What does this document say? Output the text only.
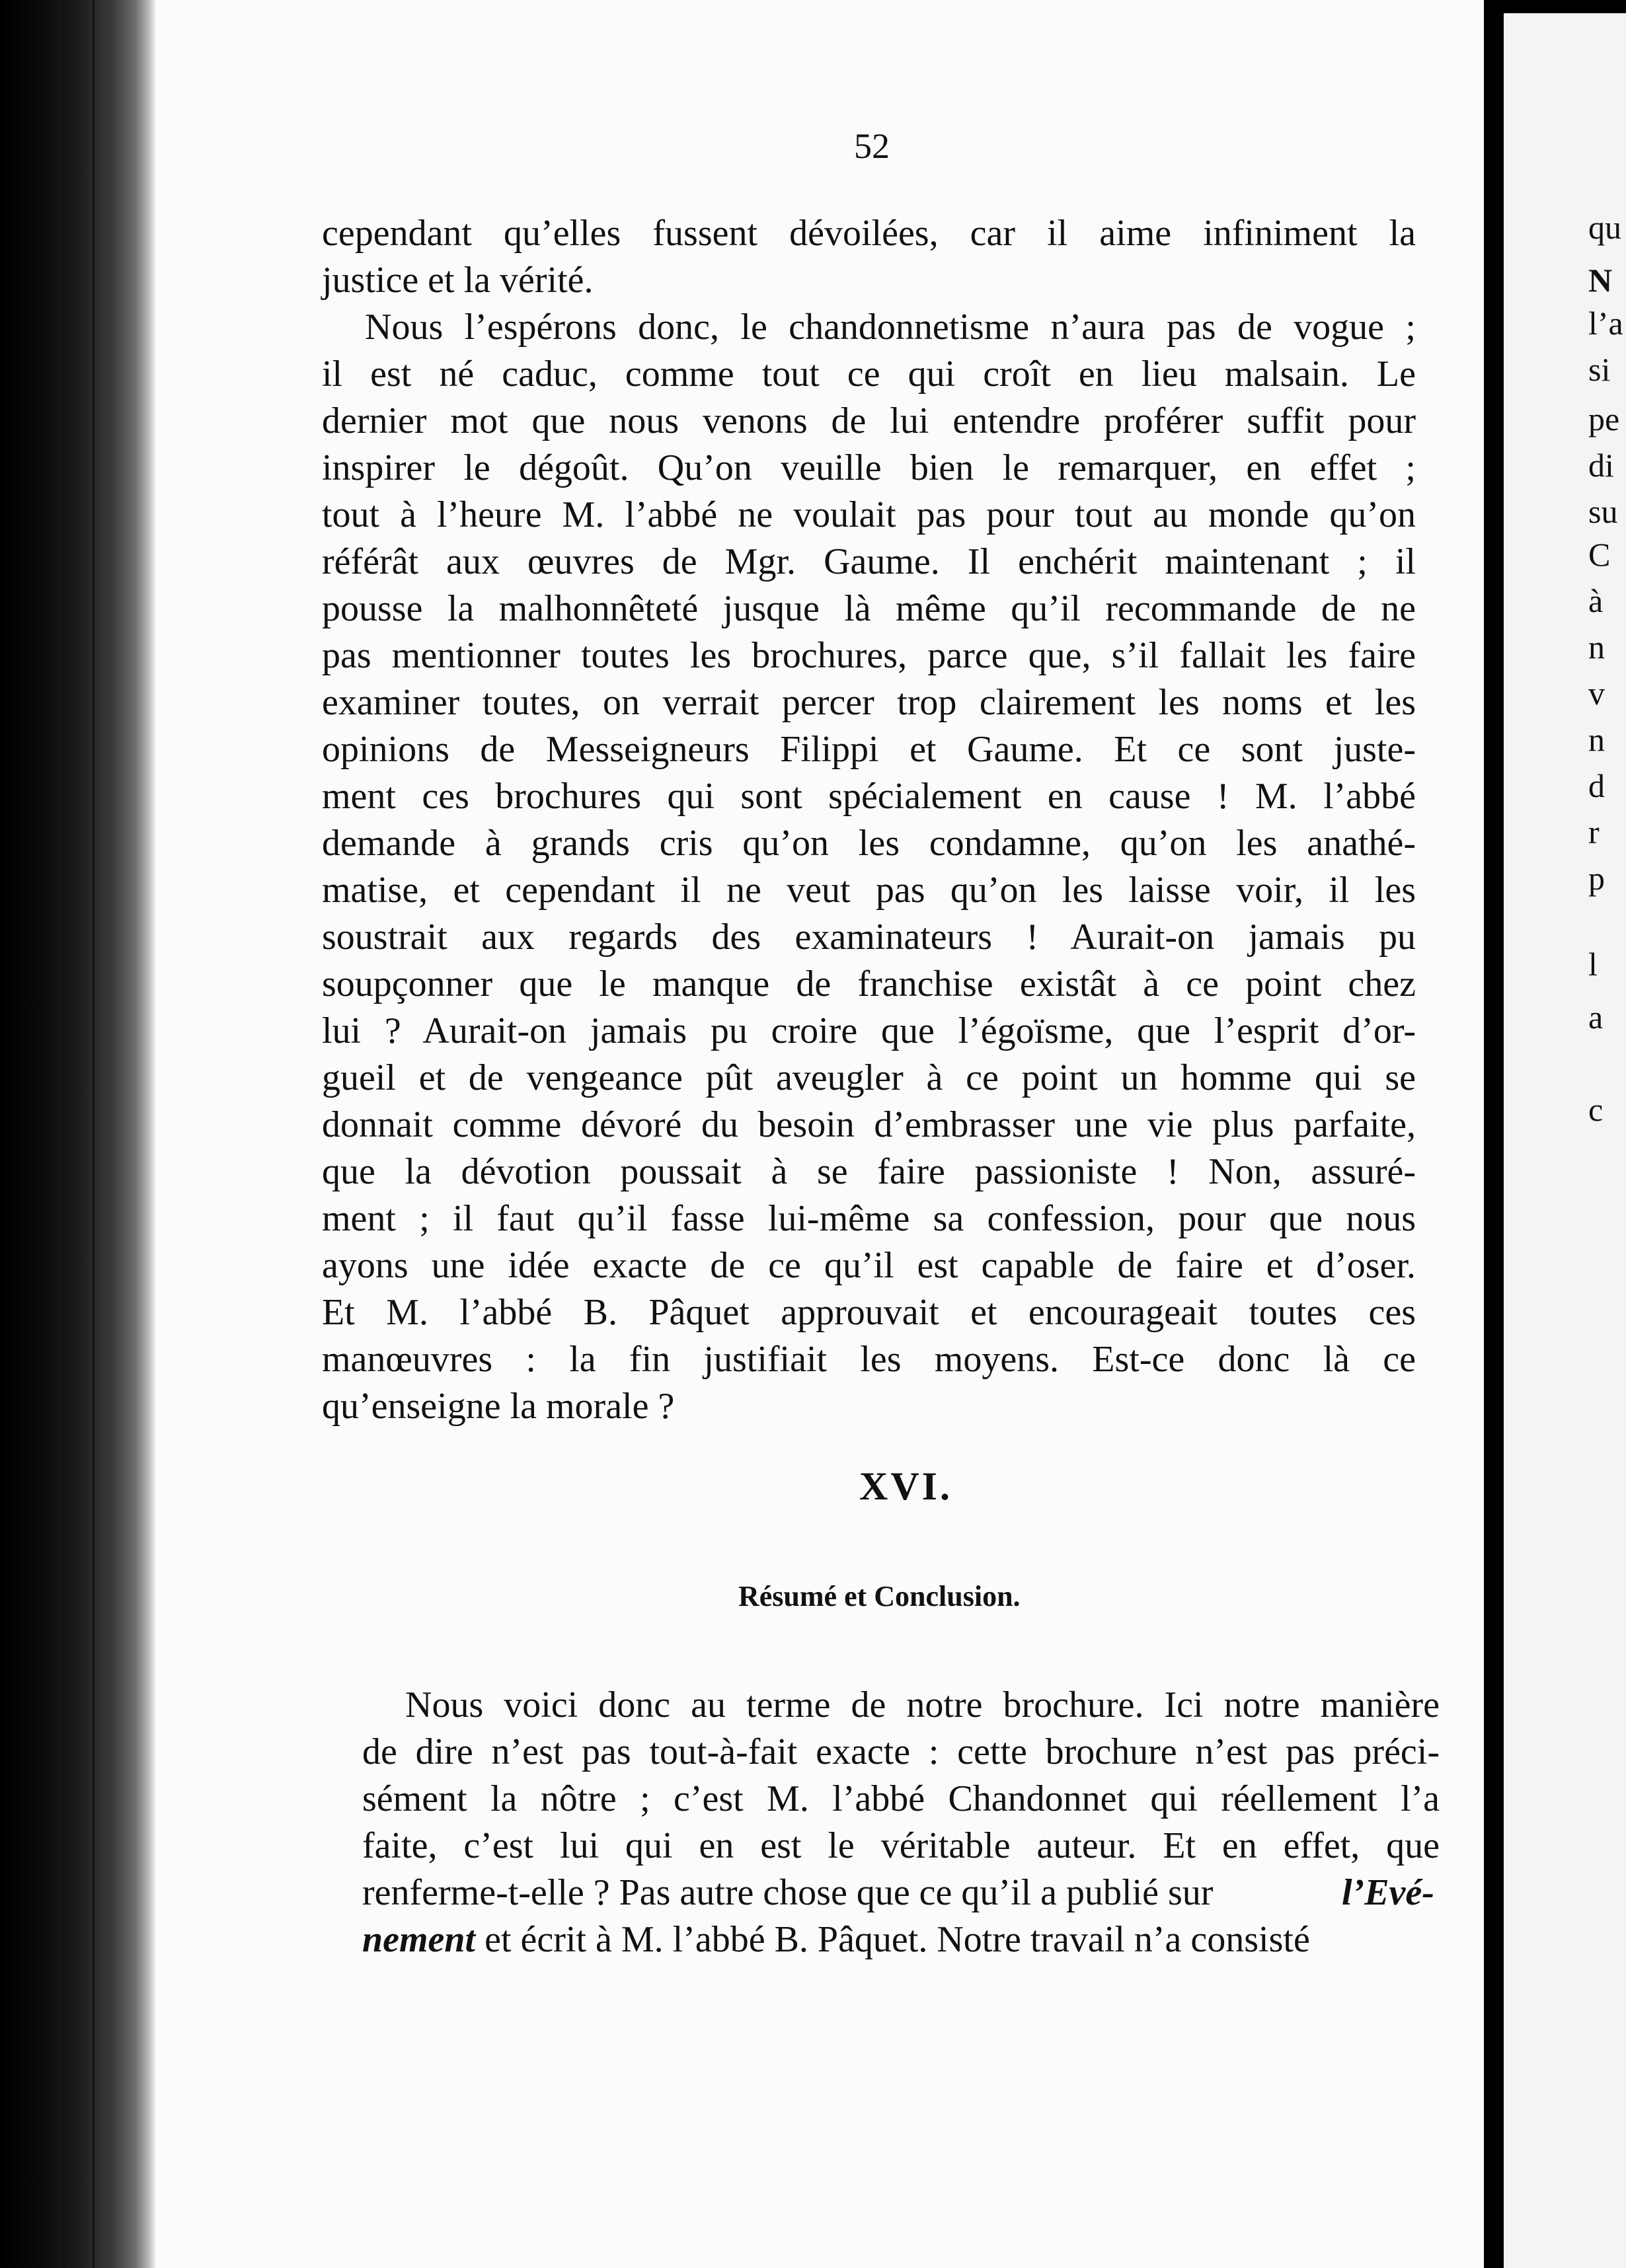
qu
N
l’a
si
pe
di
su
C
à
n
v
n
d
r
p
l
a
c
52
cependant qu’elles fussent dévoilées, car il aime infiniment la
justice et la vérité.
Nous l’espérons donc, le chandonnetisme n’aura pas de vogue ;
il est né caduc, comme tout ce qui croît en lieu malsain. Le
dernier mot que nous venons de lui entendre proférer suffit pour
inspirer le dégoût. Qu’on veuille bien le remarquer, en effet ;
tout à l’heure M. l’abbé ne voulait pas pour tout au monde qu’on
référât aux œuvres de Mgr. Gaume. Il enchérit maintenant ; il
pousse la malhonnêteté jusque là même qu’il recommande de ne
pas mentionner toutes les brochures, parce que, s’il fallait les faire
examiner toutes, on verrait percer trop clairement les noms et les
opinions de Messeigneurs Filippi et Gaume. Et ce sont juste-
ment ces brochures qui sont spécialement en cause ! M. l’abbé
demande à grands cris qu’on les condamne, qu’on les anathé-
matise, et cependant il ne veut pas qu’on les laisse voir, il les
soustrait aux regards des examinateurs ! Aurait-on jamais pu
soupçonner que le manque de franchise existât à ce point chez
lui ? Aurait-on jamais pu croire que l’égoïsme, que l’esprit d’or-
gueil et de vengeance pût aveugler à ce point un homme qui se
donnait comme dévoré du besoin d’embrasser une vie plus parfaite,
que la dévotion poussait à se faire passioniste ! Non, assuré-
ment ; il faut qu’il fasse lui-même sa confession, pour que nous
ayons une idée exacte de ce qu’il est capable de faire et d’oser.
Et M. l’abbé B. Pâquet approuvait et encourageait toutes ces
manœuvres : la fin justifiait les moyens. Est-ce donc là ce
qu’enseigne la morale ?
XVI.
Résumé et Conclusion.
Nous voici donc au terme de notre brochure. Ici notre manière
de dire n’est pas tout-à-fait exacte : cette brochure n’est pas préci-
sément la nôtre ; c’est M. l’abbé Chandonnet qui réellement l’a
faite, c’est lui qui en est le véritable auteur. Et en effet, que
renferme-t-elle ? Pas autre chose que ce qu’il a publié sur
nement et écrit à M. l’abbé B. Pâquet. Notre travail n’a consisté
l’Evé-
